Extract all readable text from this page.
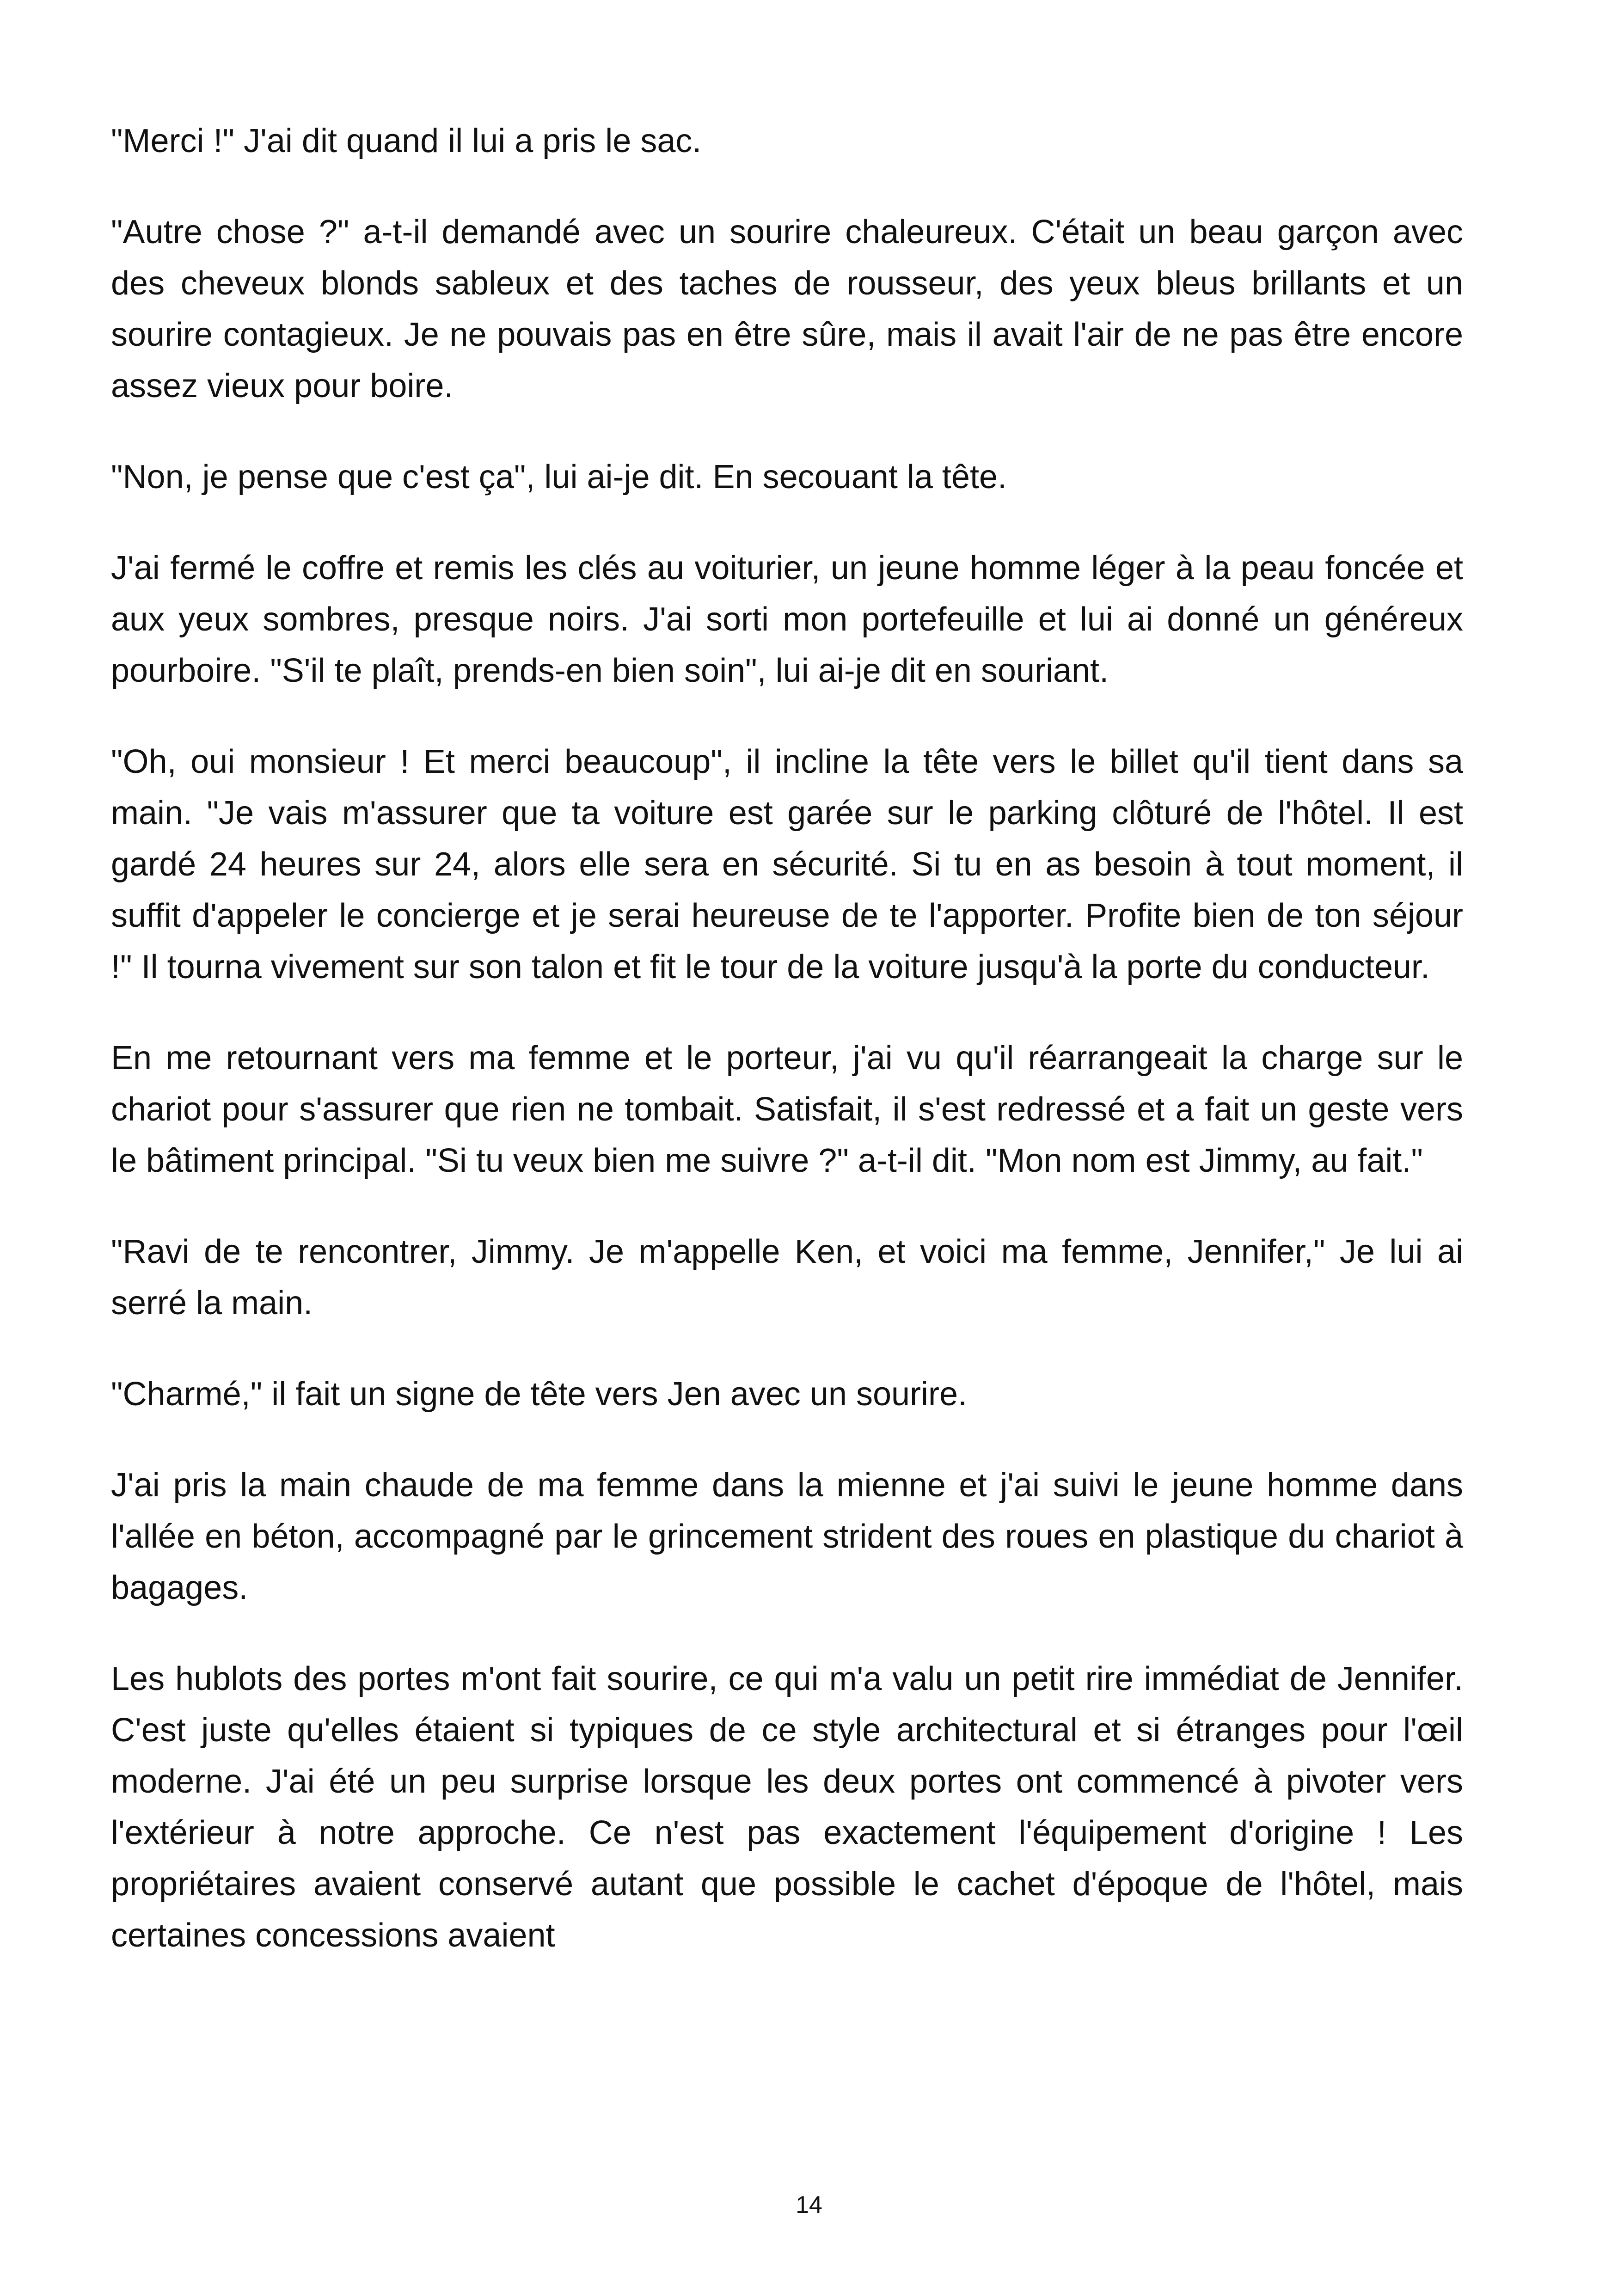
"Merci !" J'ai dit quand il lui a pris le sac.

"Autre chose ?" a-t-il demandé avec un sourire chaleureux. C'était un beau garçon avec des cheveux blonds sableux et des taches de rousseur, des yeux bleus brillants et un sourire contagieux. Je ne pouvais pas en être sûre, mais il avait l'air de ne pas être encore assez vieux pour boire.

"Non, je pense que c'est ça", lui ai-je dit. En secouant la tête.

J'ai fermé le coffre et remis les clés au voiturier, un jeune homme léger à la peau foncée et aux yeux sombres, presque noirs. J'ai sorti mon portefeuille et lui ai donné un généreux pourboire. "S'il te plaît, prends-en bien soin", lui ai-je dit en souriant.

"Oh, oui monsieur ! Et merci beaucoup", il incline la tête vers le billet qu'il tient dans sa main. "Je vais m'assurer que ta voiture est garée sur le parking clôturé de l'hôtel. Il est gardé 24 heures sur 24, alors elle sera en sécurité. Si tu en as besoin à tout moment, il suffit d'appeler le concierge et je serai heureuse de te l'apporter. Profite bien de ton séjour !" Il tourna vivement sur son talon et fit le tour de la voiture jusqu'à la porte du conducteur.

En me retournant vers ma femme et le porteur, j'ai vu qu'il réarrangeait la charge sur le chariot pour s'assurer que rien ne tombait. Satisfait, il s'est redressé et a fait un geste vers le bâtiment principal. "Si tu veux bien me suivre ?" a-t-il dit. "Mon nom est Jimmy, au fait."

"Ravi de te rencontrer, Jimmy. Je m'appelle Ken, et voici ma femme, Jennifer," Je lui ai serré la main.

"Charmé," il fait un signe de tête vers Jen avec un sourire.

J'ai pris la main chaude de ma femme dans la mienne et j'ai suivi le jeune homme dans l'allée en béton, accompagné par le grincement strident des roues en plastique du chariot à bagages.

Les hublots des portes m'ont fait sourire, ce qui m'a valu un petit rire immédiat de Jennifer. C'est juste qu'elles étaient si typiques de ce style architectural et si étranges pour l'œil moderne. J'ai été un peu surprise lorsque les deux portes ont commencé à pivoter vers l'extérieur à notre approche. Ce n'est pas exactement l'équipement d'origine ! Les propriétaires avaient conservé autant que possible le cachet d'époque de l'hôtel, mais certaines concessions avaient

14
